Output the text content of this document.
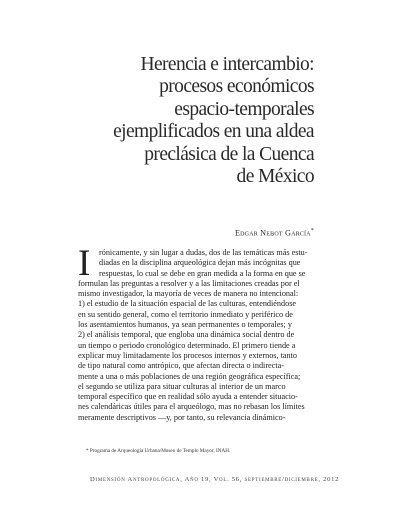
Herencia e intercambio:
procesos económicos
espacio-temporales
ejemplificados en una aldea
preclásica de la Cuenca
de México
Edgar Nebot García*
I	rónicamente, y sin lugar a dudas, dos de las temáticas más estu-
diadas en la disciplina arqueológica dejan más incógnitas que
respuestas, lo cual se debe en gran medida a la forma en que se
formulan las preguntas a resolver y a las limitaciones creadas por el
mismo investigador, la mayoría de veces de manera no intencional:
1) el estudio de la situación espacial de las culturas, entendiéndose
en su sentido general, como el territorio inmediato y periférico de
los asentamientos humanos, ya sean permanentes o temporales; y
2) el análisis temporal, que engloba una dinámica social dentro de
un tiempo o periodo cronológico determinado. El primero tiende a
explicar muy limitadamente los procesos internos y externos, tanto
de tipo natural como antrópico, que afectan directa o indirecta-
mente a una o más poblaciones de una región geográfica específica;
el segundo se utiliza para situar culturas al interior de un marco
temporal específico que en realidad sólo ayuda a entender situacio-
nes calendáricas útiles para el arqueólogo, mas no rebasan los límites
meramente descriptivos —y, por tanto, su relevancia dinámico-
* Programa de Arqueología Urbana/Museo de Templo Mayor, INAH.
Dimensión Antropológica, Año 19, Vol. 56, septiembre/diciembre, 2012
